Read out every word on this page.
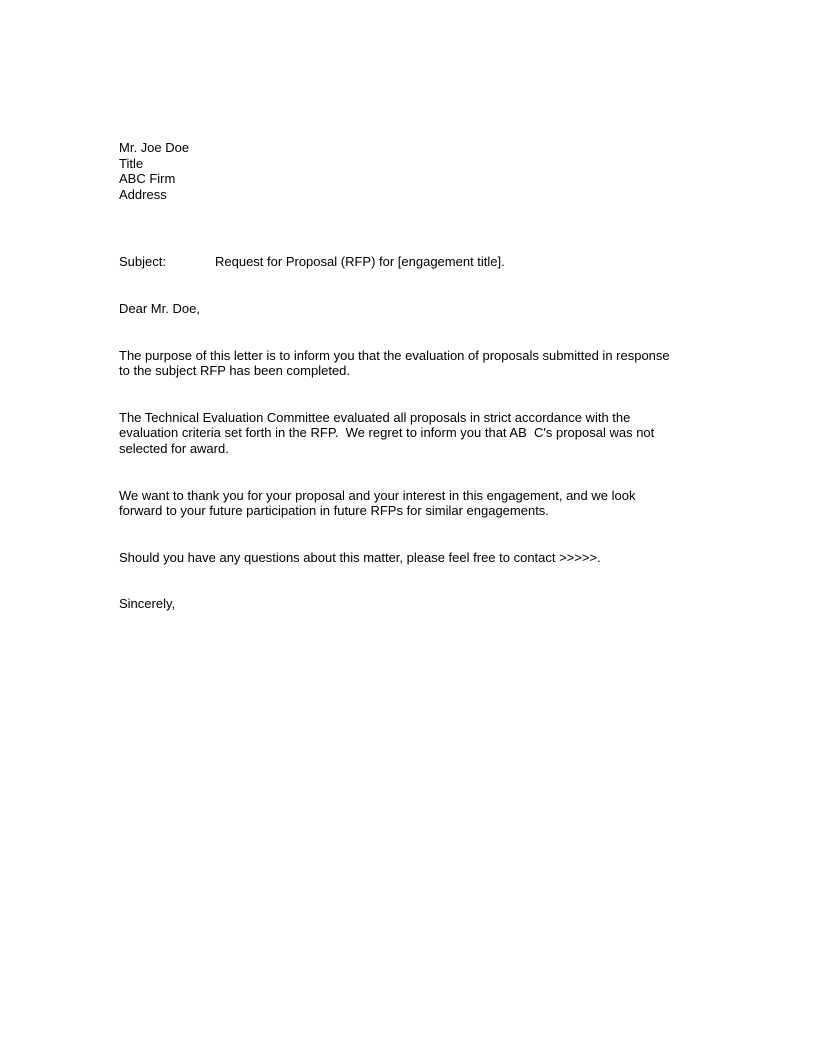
Mr. Joe Doe
Title
ABC Firm
Address
Subject:	Request for Proposal (RFP) for [engagement title].
Dear Mr. Doe,
The purpose of this letter is to inform you that the evaluation of proposals submitted in response to the subject RFP has been completed.
The Technical Evaluation Committee evaluated all proposals in strict accordance with the evaluation criteria set forth in the RFP.  We regret to inform you that AB  C's proposal was not selected for award.
We want to thank you for your proposal and your interest in this engagement, and we look forward to your future participation in future RFPs for similar engagements.
Should you have any questions about this matter, please feel free to contact >>>>>.
Sincerely,
